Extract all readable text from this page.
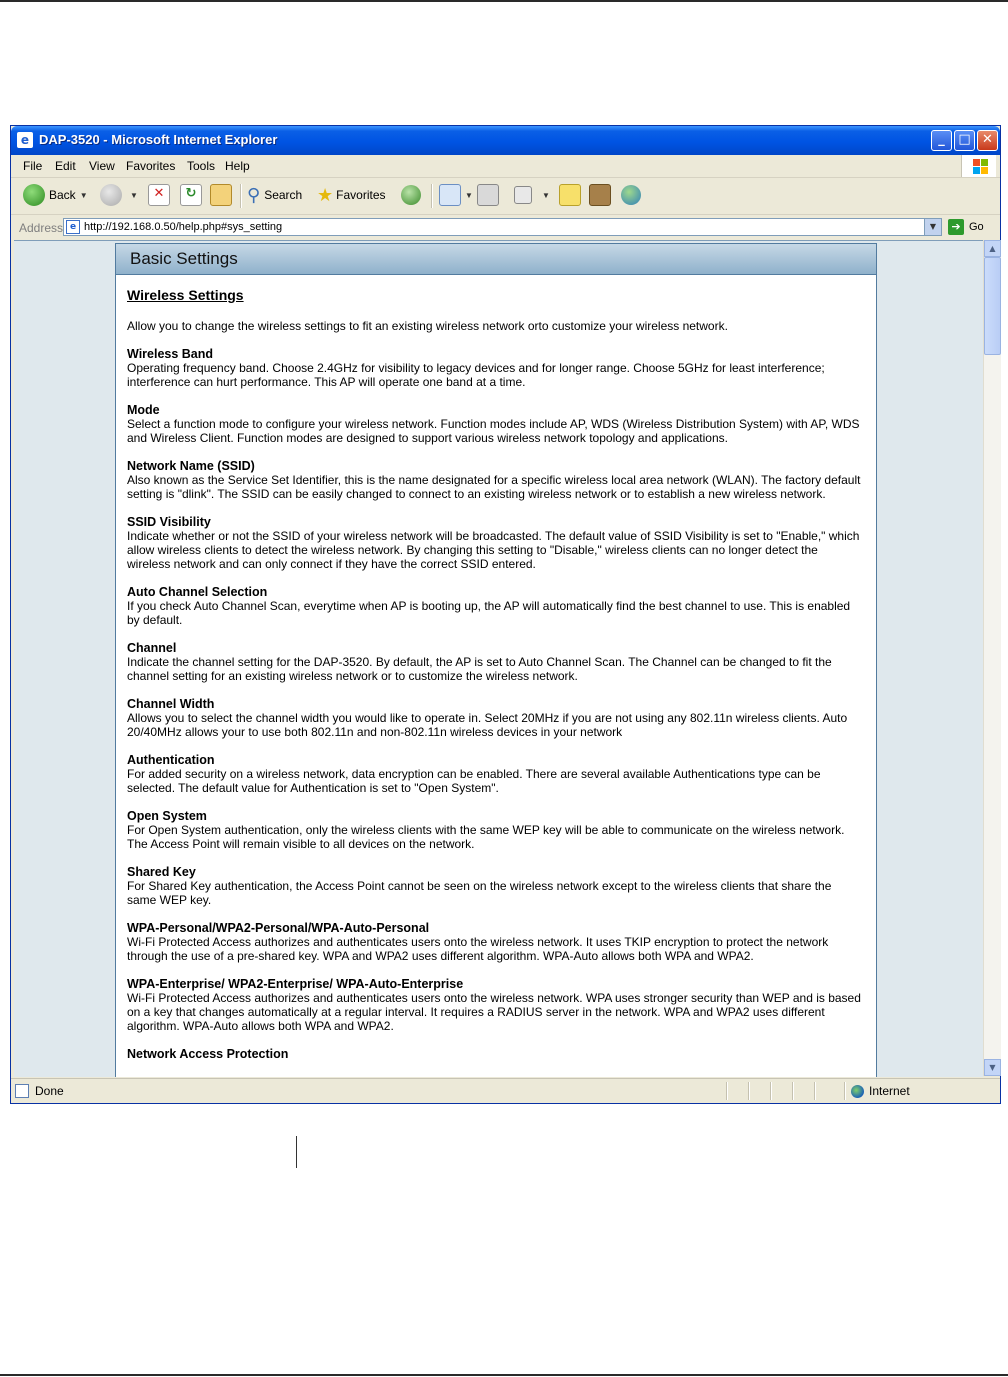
e DAP-3520 - Microsoft Internet Explorer	_	□ ✕
File Edit View Favorites Tools Help
Back ▼	▼	✕	↻	⚲ Search ★ Favorites	▼	▼
Address e http://192.168.0.50/help.php#sys_setting	▼	➔ Go
Basic Settings
Wireless Settings
Allow you to change the wireless settings to fit an existing wireless network orto customize your wireless network.
Wireless Band
Operating frequency band. Choose 2.4GHz for visibility to legacy devices and for longer range. Choose 5GHz for least interference; interference can hurt performance. This AP will operate one band at a time.
Mode
Select a function mode to configure your wireless network. Function modes include AP, WDS (Wireless Distribution System) with AP, WDS and Wireless Client. Function modes are designed to support various wireless network topology and applications.
Network Name (SSID)
Also known as the Service Set Identifier, this is the name designated for a specific wireless local area network (WLAN). The factory default setting is "dlink". The SSID can be easily changed to connect to an existing wireless network or to establish a new wireless network.
SSID Visibility
Indicate whether or not the SSID of your wireless network will be broadcasted. The default value of SSID Visibility is set to "Enable," which allow wireless clients to detect the wireless network. By changing this setting to "Disable," wireless clients can no longer detect the wireless network and can only connect if they have the correct SSID entered.
Auto Channel Selection
If you check Auto Channel Scan, everytime when AP is booting up, the AP will automatically find the best channel to use. This is enabled by default.
Channel
Indicate the channel setting for the DAP-3520. By default, the AP is set to Auto Channel Scan. The Channel can be changed to fit the channel setting for an existing wireless network or to customize the wireless network.
Channel Width
Allows you to select the channel width you would like to operate in. Select 20MHz if you are not using any 802.11n wireless clients. Auto 20/40MHz allows your to use both 802.11n and non-802.11n wireless devices in your network
Authentication
For added security on a wireless network, data encryption can be enabled. There are several available Authentications type can be selected. The default value for Authentication is set to "Open System".
Open System
For Open System authentication, only the wireless clients with the same WEP key will be able to communicate on the wireless network. The Access Point will remain visible to all devices on the network.
Shared Key
For Shared Key authentication, the Access Point cannot be seen on the wireless network except to the wireless clients that share the same WEP key.
WPA-Personal/WPA2-Personal/WPA-Auto-Personal
Wi-Fi Protected Access authorizes and authenticates users onto the wireless network. It uses TKIP encryption to protect the network through the use of a pre-shared key. WPA and WPA2 uses different algorithm. WPA-Auto allows both WPA and WPA2.
WPA-Enterprise/ WPA2-Enterprise/ WPA-Auto-Enterprise
Wi-Fi Protected Access authorizes and authenticates users onto the wireless network. WPA uses stronger security than WEP and is based on a key that changes automatically at a regular interval. It requires a RADIUS server in the network. WPA and WPA2 uses different algorithm. WPA-Auto allows both WPA and WPA2.
Network Access Protection
▲
▼
Done	Internet
